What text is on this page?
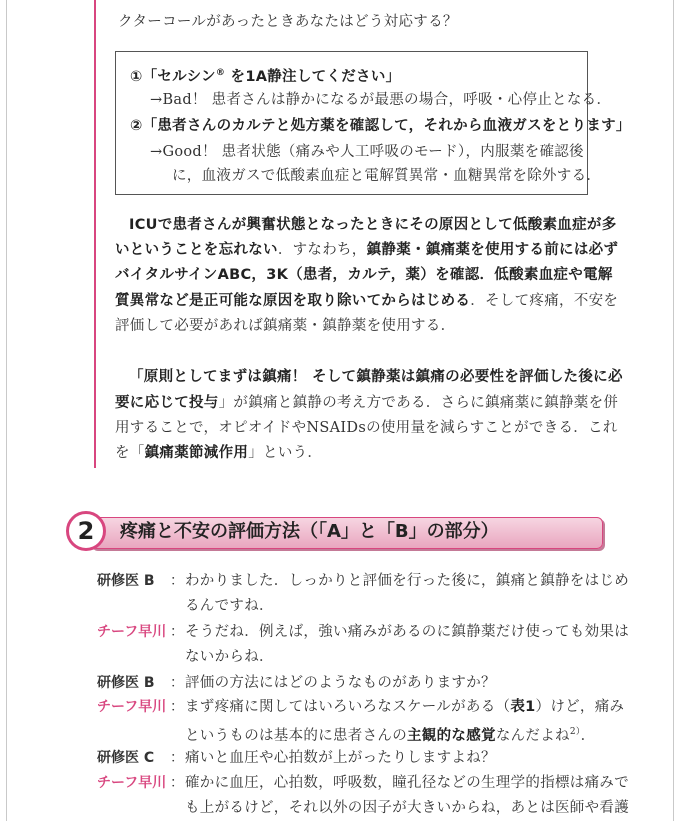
クターコールがあったときあなたはどう対応する？
①「セルシン® を1A静注してください」
→Bad！ 患者さんは静かになるが最悪の場合，呼吸・心停止となる．
②「患者さんのカルテと処方薬を確認して，それから血液ガスをとります」
→Good！ 患者状態（痛みや人工呼吸のモード），内服薬を確認後
に，血液ガスで低酸素血症と電解質異常・血糖異常を除外する．
ICUで患者さんが興奮状態となったときにその原因として低酸素血症が多
いということを忘れない．すなわち，鎮静薬・鎮痛薬を使用する前には必ず
バイタルサインABC，3K（患者，カルテ，薬）を確認．低酸素血症や電解
質異常など是正可能な原因を取り除いてからはじめる．そして疼痛，不安を
評価して必要があれば鎮痛薬・鎮静薬を使用する．
「原則としてまずは鎮痛！ そして鎮静薬は鎮痛の必要性を評価した後に必
要に応じて投与」が鎮痛と鎮静の考え方である．さらに鎮痛薬に鎮静薬を併
用することで，オピオイドやNSAIDsの使用量を減らすことができる．これ
を「鎮痛薬節減作用」という．
2	疼痛と不安の評価方法（「A」と「B」の部分）
研修医 B ： わかりました．しっかりと評価を行った後に，鎮痛と鎮静をはじめ
るんですね．
チーフ早川 ： そうだね．例えば，強い痛みがあるのに鎮静薬だけ使っても効果は
ないからね．
研修医 B ： 評価の方法にはどのようなものがありますか？
チーフ早川 ： まず疼痛に関してはいろいろなスケールがある（表1）けど，痛み
というものは基本的に患者さんの主観的な感覚なんだよね$^{2)}$．
研修医 C ： 痛いと血圧や心拍数が上がったりしますよね？
チーフ早川 ： 確かに血圧，心拍数，呼吸数，瞳孔径などの生理学的指標は痛みで
も上がるけど，それ以外の因子が大きいからね，あとは医師や看護
